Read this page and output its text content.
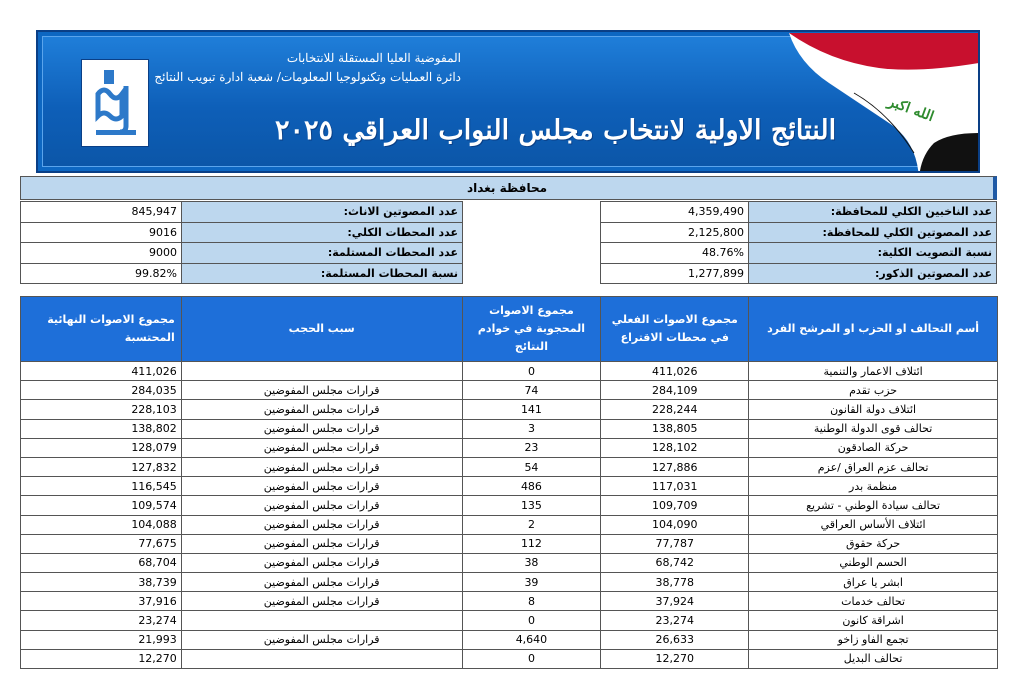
المفوضية العليا المستقلة للانتخابات
دائرة العمليات وتكنولوجيا المعلومات/ شعبة ادارة تبويب النتائج
النتائج الاولية لانتخاب مجلس النواب العراقي ٢٠٢٥
الله اكبر
محافظة بغداد
4,359,490	عدد الناخبين الكلي للمحافظة:
2,125,800	عدد المصوتين الكلي للمحافظة:
48.76%	نسبة التصويت الكلية:
1,277,899	عدد المصوتين الذكور:
845,947	عدد المصوتين الاناث:
9016	عدد المحطات الكلي:
9000	عدد المحطات المستلمة:
99.82%	نسبة المحطات المستلمة:
مجموع الاصوات النهائية المحتسبة	سبب الحجب	مجموع الاصوات المحجوبة في خوادم النتائج	مجموع الاصوات الفعلي في محطات الاقتراع	أسم التحالف او الحزب او المرشح الفرد
411,026		0	411,026	ائتلاف الاعمار والتنمية
284,035	قرارات مجلس المفوضين	74	284,109	حزب تقدم
228,103	قرارات مجلس المفوضين	141	228,244	ائتلاف دولة القانون
138,802	قرارات مجلس المفوضين	3	138,805	تحالف قوى الدولة الوطنية
128,079	قرارات مجلس المفوضين	23	128,102	حركة الصادقون
127,832	قرارات مجلس المفوضين	54	127,886	تحالف عزم العراق /عزم
116,545	قرارات مجلس المفوضين	486	117,031	منظمة بدر
109,574	قرارات مجلس المفوضين	135	109,709	تحالف سيادة الوطني - تشريع
104,088	قرارات مجلس المفوضين	2	104,090	ائتلاف الأساس العراقي
77,675	قرارات مجلس المفوضين	112	77,787	حركة حقوق
68,704	قرارات مجلس المفوضين	38	68,742	الحسم الوطني
38,739	قرارات مجلس المفوضين	39	38,778	ابشر يا عراق
37,916	قرارات مجلس المفوضين	8	37,924	تحالف خدمات
23,274		0	23,274	اشراقة كانون
21,993	قرارات مجلس المفوضين	4,640	26,633	تجمع الفاو زاخو
12,270		0	12,270	تحالف البديل
